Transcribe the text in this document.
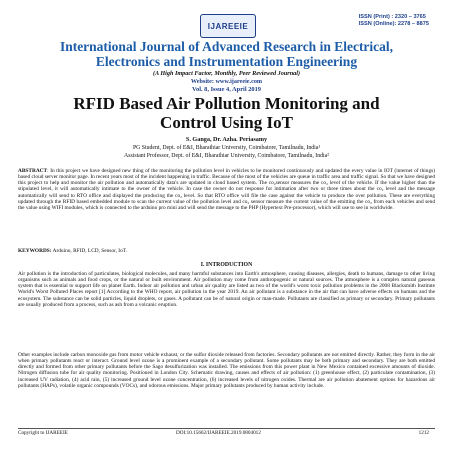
IJAREEIE
ISSN (Print) : 2320 – 3765
ISSN (Online): 2278 – 8875
International Journal of Advanced Research in Electrical,
Electronics and Instrumentation Engineering
(A High Impact Factor, Monthly, Peer Reviewed Journal)
Website: www.ijareeie.com
Vol. 8, Issue 4, April 2019
RFID Based Air Pollution Monitoring and
Control Using IoT
S. Ganga, Dr. Azha. Periasamy
PG Student, Dept. of E&I, Bharathiar University, Coimbatore, Tamilnadu, India¹
Assistant Professor, Dept. of E&I, Bharathiar University, Coimbatore, Tamilnadu, India²
ABSTRACT: In this project we have designed new thing of the monitoring the pollution level in vehicles to be monitored continuously and updated the every value in IOT (internet of things) based cloud server monitor page. In recent years most of the incident happening in traffic. Because of the most of the vehicles are queue in traffic area and traffic signal. So that we have designed this project to help and monitor the air pollution and automatically data's are updated in cloud based system. The co₂sensor measures the co₂ level of the vehicle. If the value higher than the stipulated level, it will automatically intimate to the owner of the vehicle. In case the owner do not response for intimation after two or three times about the co₂ level and the message automatically will send to RTO office and displayed the producing the co₂ level. So that RTO office will file the case against the vehicle to produce the over pollution. These are everything updated through the RFID based embedded module to scan the current value of the pollution level and co₂ sensor measure the current value of the emitting the co₂ from each vehicles and send the value using WIFI modules, which is connected to the arduino pro mini and will send the message to the PHP (Hypertext Pre-processor), which will use to see in worldwide.
KEYWORDS: Arduino, RFID, LCD, Sensor, IoT.
I. INTRODUCTION
Air pollution is the introduction of particulates, biological molecules, and many harmful substances into Earth's atmosphere, causing diseases, allergies, death to humans, damage to other living organisms such as animals and food crops, or the natural or built environment. Air pollution may come from anthropogenic or natural sources. The atmosphere is a complex natural gaseous system that is essential to support life on planet Earth. Indoor air pollution and urban air quality are listed as two of the world's worst toxic pollution problems in the 2008 Blacksmith Institute World's Worst Polluted Places report [1] According to the WHO report, air pollution in the year 2019. An air pollutant is a substance in the air that can have adverse effects on humans and the ecosystem. The substance can be solid particles, liquid droplets, or gases. A pollutant can be of natural origin or man-made. Pollutants are classified as primary or secondary. Primary pollutants are usually produced from a process, such as ash from a volcanic eruption.
Other examples include carbon monoxide gas from motor vehicle exhaust, or the sulfur dioxide released from factories. Secondary pollutants are not emitted directly. Rather, they form in the air when primary pollutants react or interact. Ground level ozone is a prominent example of a secondary pollutant. Some pollutants may be both primary and secondary. They are both emitted directly and formed from other primary pollutants before the Sago desulfurization was installed. The emissions from this power plant in New Mexico contained excessive amounts of dioxide. Nitrogen diffusion tube for air quality monitoring. Positioned in London City. Schematic drawing, causes and effects of air pollution: (1) greenhouse effect, (2) particulate contamination, (3) increased UV radiation, (4) acid rain, (5) increased ground level ozone concentration, (6) increased levels of nitrogen oxides. Thermal are air pollution abatement options for hazardous air pollutants (HAPs), volatile organic compounds (VOCs), and odorous emissions. Major primary pollutants produced by human activity include.
Copyright to IJAREEIE	DOI:10.15662/IJAREEIE.2019.0804012	1212
